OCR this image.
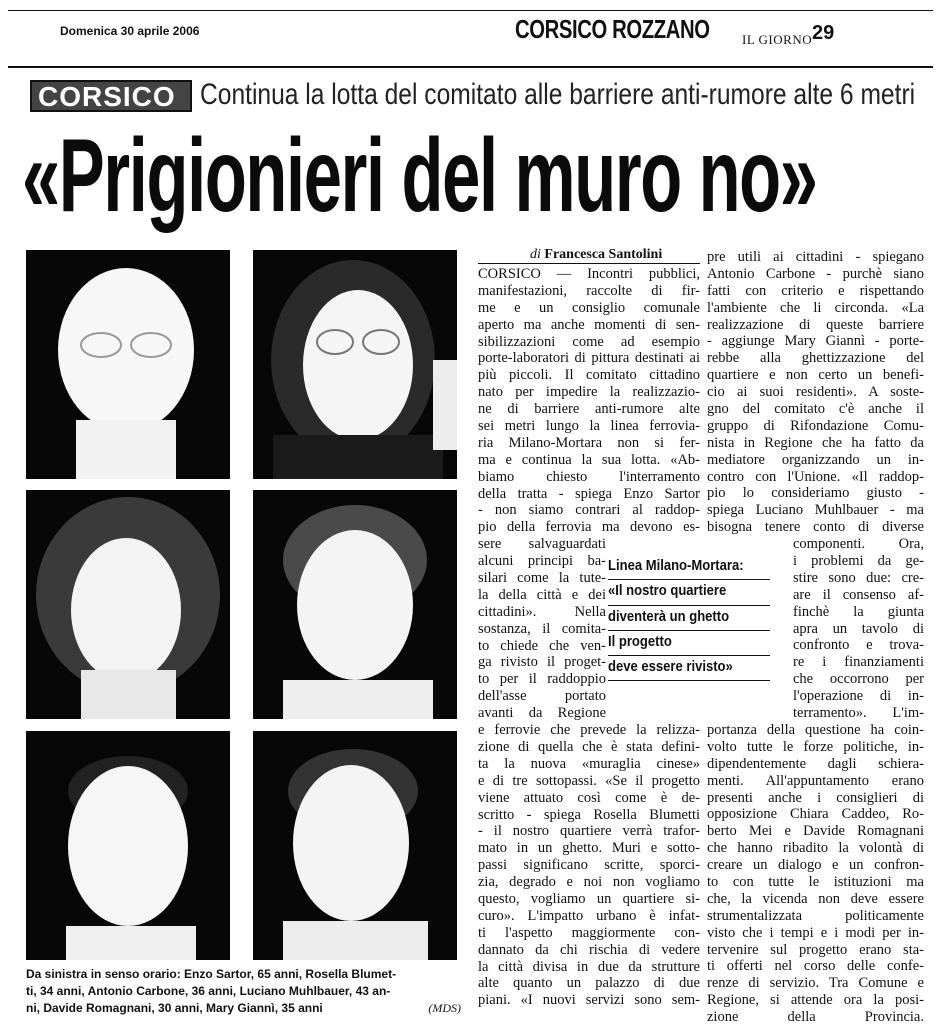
Domenica 30 aprile 2006	CORSICO ROZZANO IL GIORNO 29
CORSICO Continua la lotta del comitato alle barriere anti-rumore alte 6 metri
«Prigionieri del muro no»
Da sinistra in senso orario: Enzo Sartor, 65 anni, Rosella Blumet-
ti, 34 anni, Antonio Carbone, 36 anni, Luciano Muhlbauer, 43 an-
ni, Davide Romagnani, 30 anni, Mary Giannì, 35 anni	(MDS)
di Francesca Santolini
CORSICO — Incontri pubblici,
manifestazioni, raccolte di fir-
me e un consiglio comunale
aperto ma anche momenti di sen-
sibilizzazioni come ad esempio
porte-laboratori di pittura destinati ai
più piccoli. Il comitato cittadino
nato per impedire la realizzazio-
ne di barriere anti-rumore alte
sei metri lungo la linea ferrovia-
ria Milano-Mortara non si fer-
ma e continua la sua lotta. «Ab-
biamo chiesto l'interramento
della tratta - spiega Enzo Sartor
- non siamo contrari al raddop-
pio della ferrovia ma devono es-
sere salvaguardati
alcuni principi ba-
silari come la tute-
la della città e dei
cittadini». Nella
sostanza, il comita-
to chiede che ven-
ga rivisto il proget-
to per il raddoppio
dell'asse portato
avanti da Regione
e ferrovie che prevede la relizza-
zione di quella che è stata defini-
ta la nuova «muraglia cinese»
e di tre sottopassi. «Se il progetto
viene attuato così come è de-
scritto - spiega Rosella Blumetti
- il nostro quartiere verrà trafor-
mato in un ghetto. Muri e sotto-
passi significano scritte, sporci-
zia, degrado e noi non vogliamo
questo, vogliamo un quartiere si-
curo». L'impatto urbano è infat-
ti l'aspetto maggiormente con-
dannato da chi rischia di vedere
la città divisa in due da strutture
alte quanto un palazzo di due
piani. «I nuovi servizi sono sem-
pre utili ai cittadini - spiegano
Antonio Carbone - purchè siano
fatti con criterio e rispettando
l'ambiente che li circonda. «La
realizzazione di queste barriere
- aggiunge Mary Giannì - porte-
rebbe alla ghettizzazione del
quartiere e non certo un benefi-
cio ai suoi residenti». A soste-
gno del comitato c'è anche il
gruppo di Rifondazione Comu-
nista in Regione che ha fatto da
mediatore organizzando un in-
contro con l'Unione. «Il raddop-
pio lo consideriamo giusto -
spiega Luciano Muhlbauer - ma
bisogna tenere conto di diverse
componenti. Ora,
i problemi da ge-
stire sono due: cre-
are il consenso af-
finchè la giunta
apra un tavolo di
confronto e trova-
re i finanziamenti
che occorrono per
l'operazione di in-
terramento». L'im-
portanza della questione ha coin-
volto tutte le forze politiche, in-
dipendentemente dagli schiera-
menti. All'appuntamento erano
presenti anche i consiglieri di
opposizione Chiara Caddeo, Ro-
berto Mei e Davide Romagnani
che hanno ribadito la volontà di
creare un dialogo e un confron-
to con tutte le istituzioni ma
che, la vicenda non deve essere
strumentalizzata politicamente
visto che i tempi e i modi per in-
tervenire sul progetto erano sta-
ti offerti nel corso delle confe-
renze di servizio. Tra Comune e
Regione, si attende ora la posi-
zione della Provincia.
Linea Milano-Mortara:
«Il nostro quartiere
diventerà un ghetto
Il progetto
deve essere rivisto»
